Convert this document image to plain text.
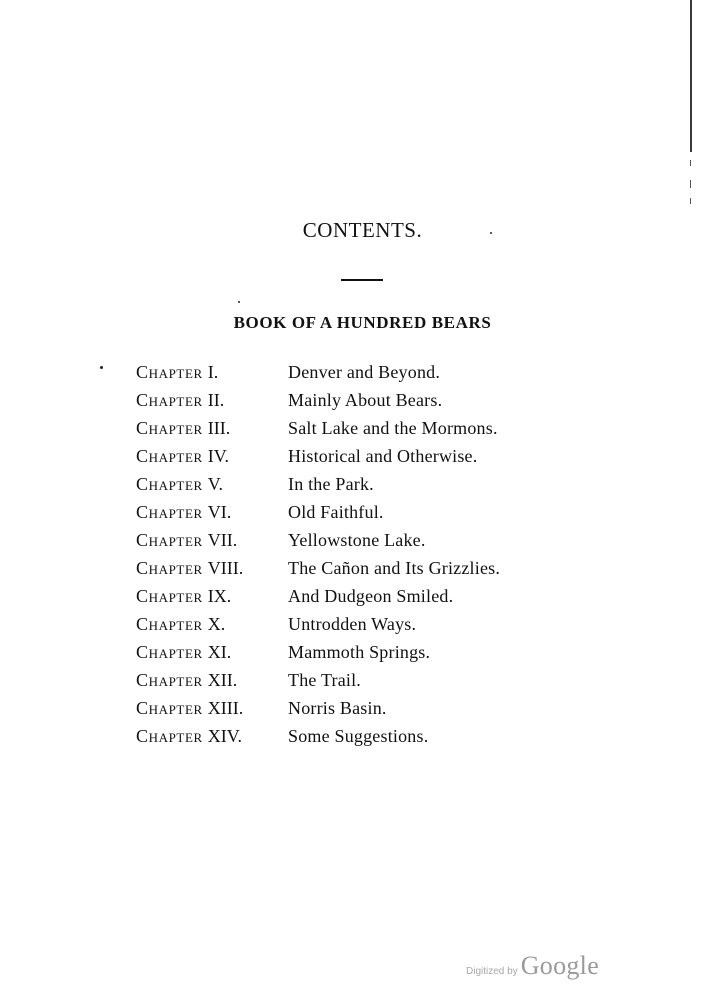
CONTENTS.
BOOK OF A HUNDRED BEARS
Chapter I.	Denver and Beyond.
Chapter II.	Mainly About Bears.
Chapter III.	Salt Lake and the Mormons.
Chapter IV.	Historical and Otherwise.
Chapter V.	In the Park.
Chapter VI.	Old Faithful.
Chapter VII.	Yellowstone Lake.
Chapter VIII.	The Cañon and Its Grizzlies.
Chapter IX.	And Dudgeon Smiled.
Chapter X.	Untrodden Ways.
Chapter XI.	Mammoth Springs.
Chapter XII.	The Trail.
Chapter XIII.	Norris Basin.
Chapter XIV.	Some Suggestions.
Digitized by Google
